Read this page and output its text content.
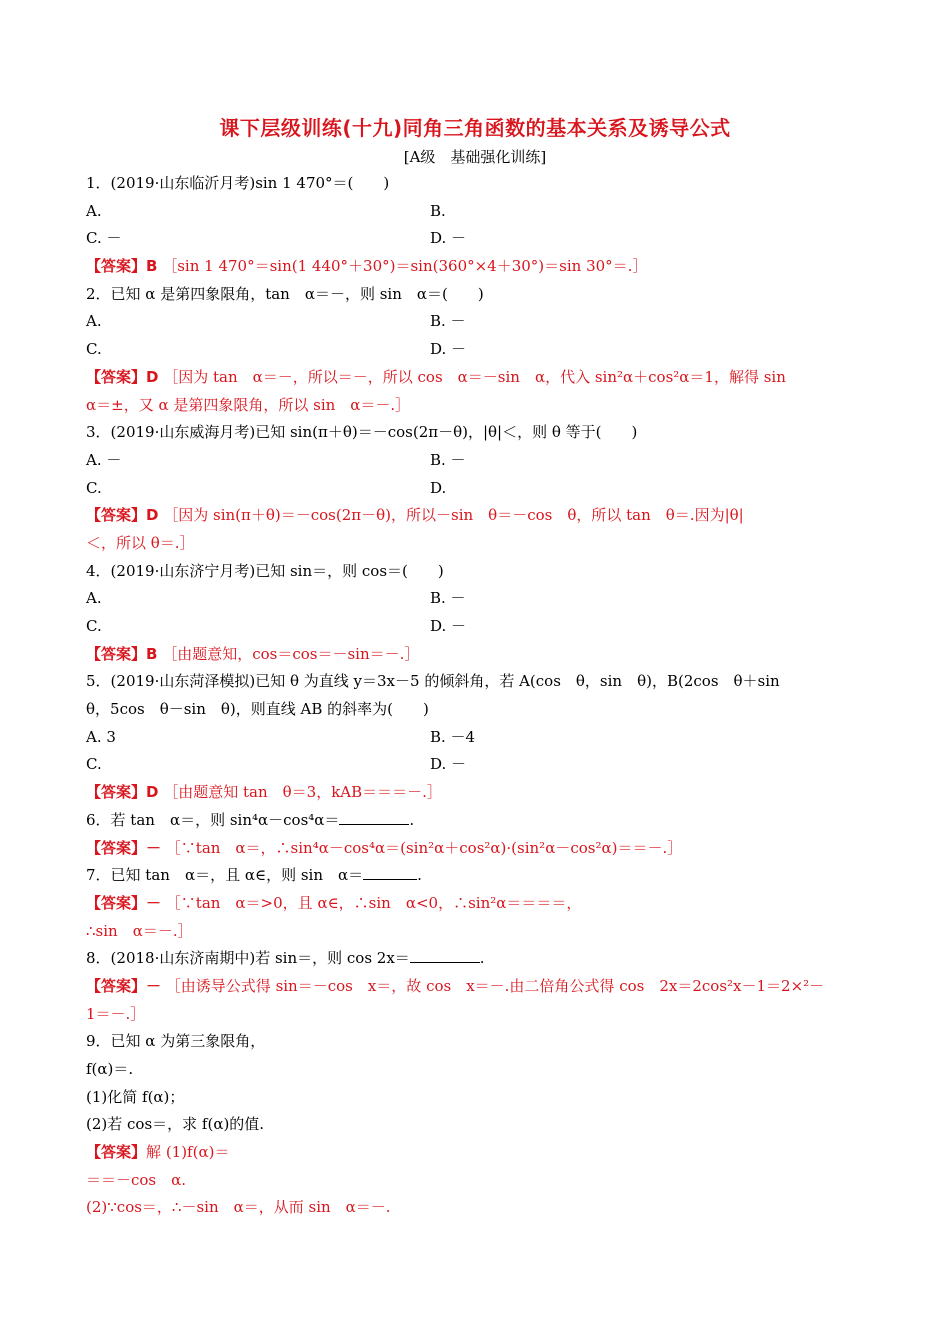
课下层级训练(十九)同角三角函数的基本关系及诱导公式
[A级　基础强化训练]
1．(2019·山东临沂月考)sin 1 470°＝(　　)
A.	B.
C. －	D. －
【答案】B ［sin 1 470°＝sin(1 440°＋30°)＝sin(360°×4＋30°)＝sin 30°＝.］
2．已知 α 是第四象限角，tan　α＝－，则 sin　α＝(　　)
A.	B. －
C.	D. －
【答案】D ［因为 tan　α＝－，所以＝－，所以 cos　α＝－sin　α，代入 sin²α＋cos²α＝1，解得 sin
α＝±，又 α 是第四象限角，所以 sin　α＝－.］
3．(2019·山东威海月考)已知 sin(π＋θ)＝－cos(2π－θ)，|θ|＜，则 θ 等于(　　)
A. －	B. －
C.	D.
【答案】D ［因为 sin(π＋θ)＝－cos(2π－θ)，所以－sin　θ＝－cos　θ，所以 tan　θ＝.因为|θ|
＜，所以 θ＝.］
4．(2019·山东济宁月考)已知 sin＝，则 cos＝(　　)
A.	B. －
C.	D. －
【答案】B ［由题意知，cos＝cos＝－sin＝－.］
5．(2019·山东菏泽模拟)已知 θ 为直线 y＝3x－5 的倾斜角，若 A(cos　θ，sin　θ)，B(2cos　θ＋sin
θ，5cos　θ－sin　θ)，则直线 AB 的斜率为(　　)
A. 3	B. －4
C.	D. －
【答案】D ［由题意知 tan　θ＝3，kAB＝＝＝－.］
6．若 tan　α＝，则 sin⁴α－cos⁴α＝	.
【答案】－ ［∵tan　α＝，∴sin⁴α－cos⁴α＝(sin²α＋cos²α)·(sin²α－cos²α)＝＝－.］
7．已知 tan　α＝，且 α∈，则 sin　α＝	.
【答案】－ ［∵tan　α＝>0，且 α∈，∴sin　α<0，∴sin²α＝＝＝＝，
∴sin　α＝－.］
8．(2018·山东济南期中)若 sin＝，则 cos 2x＝	.
【答案】－ ［由诱导公式得 sin＝－cos　x＝，故 cos　x＝－.由二倍角公式得 cos　2x＝2cos²x－1＝2×²－
1＝－.］
9．已知 α 为第三象限角，
f(α)＝.
(1)化简 f(α)；
(2)若 cos＝，求 f(α)的值.
【答案】解 (1)f(α)＝
＝＝－cos　α.
(2)∵cos＝，∴－sin　α＝，从而 sin　α＝－.
